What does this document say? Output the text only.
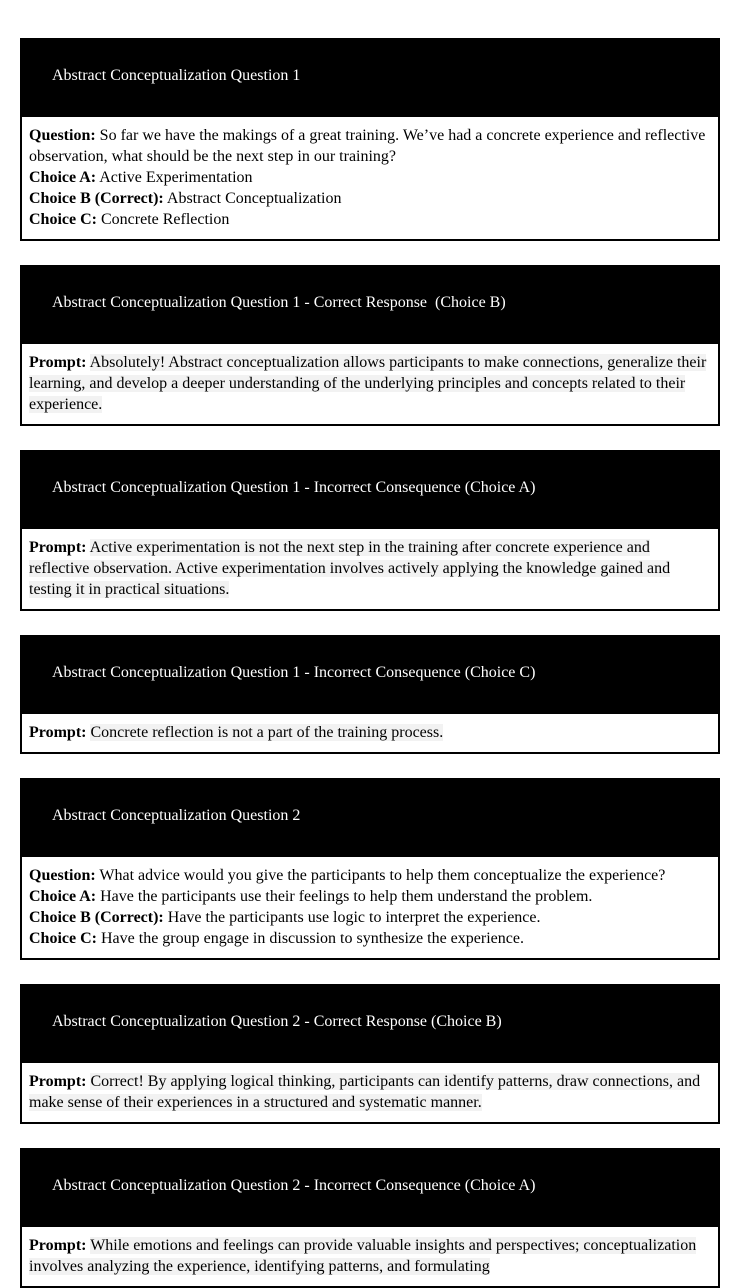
Abstract Conceptualization Question 1

Question: So far we have the makings of a great training. We’ve had a concrete experience and reflective observation, what should be the next step in our training?

Choice A: Active Experimentation

Choice B (Correct): Abstract Conceptualization

Choice C: Concrete Reflection

Abstract Conceptualization Question 1 - Correct Response  (Choice B)

Prompt: Absolutely! Abstract conceptualization allows participants to make connections, generalize their learning, and develop a deeper understanding of the underlying principles and concepts related to their experience.

Abstract Conceptualization Question 1 - Incorrect Consequence (Choice A)

Prompt: Active experimentation is not the next step in the training after concrete experience and reflective observation. Active experimentation involves actively applying the knowledge gained and testing it in practical situations.

Abstract Conceptualization Question 1 - Incorrect Consequence (Choice C)

Prompt: Concrete reflection is not a part of the training process.

Abstract Conceptualization Question 2

Question: What advice would you give the participants to help them conceptualize the experience?

Choice A: Have the participants use their feelings to help them understand the problem.

Choice B (Correct): Have the participants use logic to interpret the experience.

Choice C: Have the group engage in discussion to synthesize the experience.

Abstract Conceptualization Question 2 - Correct Response (Choice B)

Prompt: Correct! By applying logical thinking, participants can identify patterns, draw connections, and make sense of their experiences in a structured and systematic manner.

Abstract Conceptualization Question 2 - Incorrect Consequence (Choice A)

Prompt: While emotions and feelings can provide valuable insights and perspectives; conceptualization involves analyzing the experience, identifying patterns, and formulating
